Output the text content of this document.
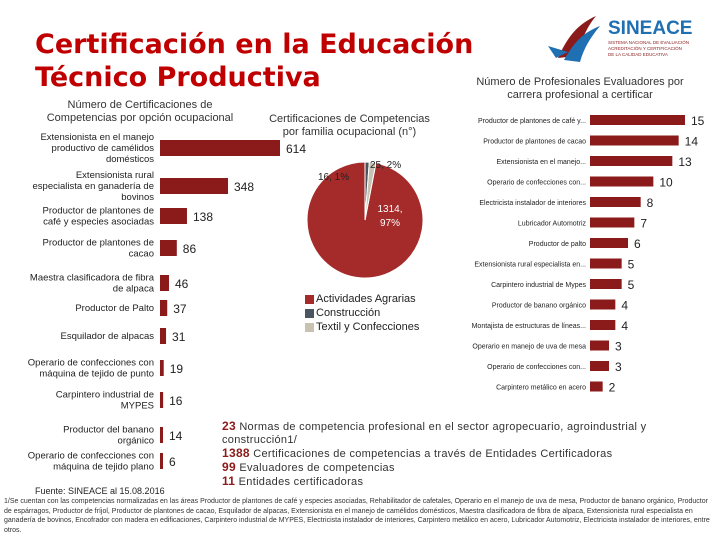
Certificación en la Educación
Técnico Productiva
SINEACE
SISTEMA NACIONAL DE EVALUACIÓN
ACREDITACIÓN Y CERTIFICACIÓN
DE LA CALIDAD EDUCATIVA
Número de Certificaciones de Competencias por opción ocupacional
614
Extensionista en el manejo
productivo de camélidos
domésticos
348
Extensionista rural
especialista en ganadería de
bovinos
138
Productor de plantones de
café y especies asociadas
86
Productor de plantones de
cacao
46
Maestra clasificadora de fibra
de alpaca
37
Productor de Palto
31
Esquilador de alpacas
19
Operario de confecciones con
máquina de tejido de punto
16
Carpintero industrial de
MYPES
14
Productor del banano
orgánico
6
Operario de confecciones con
máquina de tejido plano
Certificaciones de Competencias por familia ocupacional (n°)
1314,
97%
16, 1%
25, 2%
Actividades Agrarias
Construcción
Textil y Confecciones
Número de Profesionales Evaluadores por carrera profesional a certificar
15
Productor de plantones de café y...
14
Productor de plantones de cacao
13
Extensionista en el manejo...
10
Operario de confecciones con...
8
Electricista instalador de interiores
7
Lubricador Automotriz
6
Productor de palto
5
Extensionista rural especialista en...
5
Carpintero industrial de Mypes
4
Productor de banano orgánico
4
Montajista de estructuras de líneas...
3
Operario en manejo de uva de mesa
3
Operario de confecciones con...
2
Carpintero metálico en acero
23 Normas de competencia profesional en el sector agropecuario, agroindustrial y construcción1/
1388 Certificaciones de competencias a través de Entidades Certificadoras
99 Evaluadores de competencias
11 Entidades certificadoras
Fuente: SINEACE al 15.08.2016
1/Se cuentan con las competencias normalizadas en las áreas Productor de plantones de café y especies asociadas, Rehabilitador de cafetales, Operario en el manejo de uva de mesa, Productor de banano orgánico, Productor de espárragos, Productor de fríjol, Productor de plantones de cacao, Esquilador de alpacas, Extensionista en el manejo de camélidos domésticos, Maestra clasificadora de fibra de alpaca, Extensionista rural especialista en ganadería de bovinos, Encofrador con madera en edificaciones, Carpintero industrial de MYPES, Electricista instalador de interiores, Carpintero metálico en acero, Lubricador Automotriz, Electricista instalador de interiores, entre otros.
